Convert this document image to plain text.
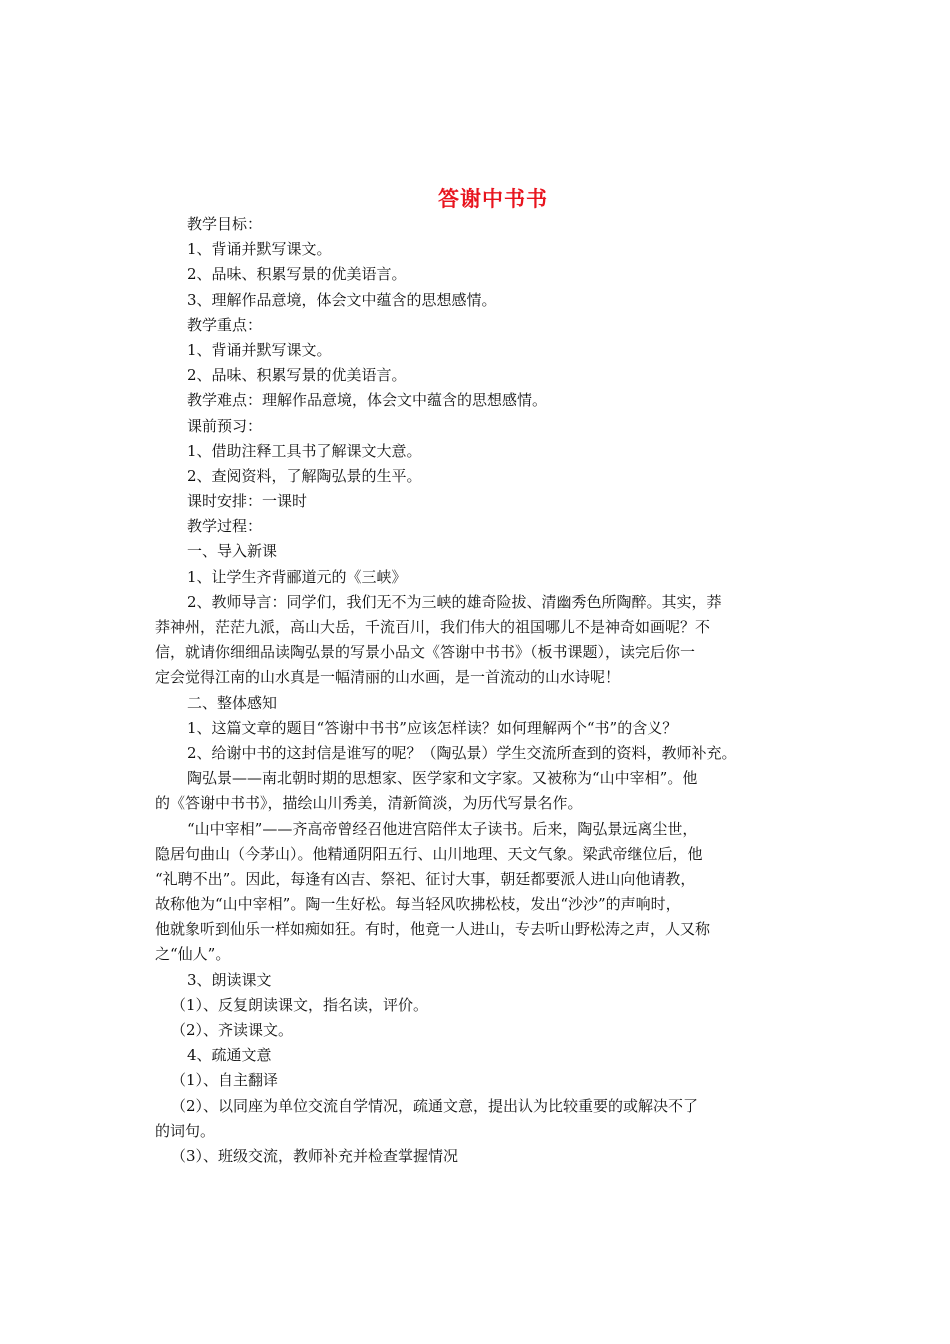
答谢中书书
教学目标：
1、背诵并默写课文。
2、品味、积累写景的优美语言。
3、理解作品意境，体会文中蕴含的思想感情。
教学重点：
1、背诵并默写课文。
2、品味、积累写景的优美语言。
教学难点：理解作品意境，体会文中蕴含的思想感情。
课前预习：
1、借助注释工具书了解课文大意。
2、查阅资料，了解陶弘景的生平。
课时安排：一课时
教学过程：
一、导入新课
1、让学生齐背郦道元的《三峡》
2、教师导言：同学们，我们无不为三峡的雄奇险拔、清幽秀色所陶醉。其实，莽
莽神州，茫茫九派，高山大岳，千流百川，我们伟大的祖国哪儿不是神奇如画呢？不
信，就请你细细品读陶弘景的写景小品文《答谢中书书》（板书课题），读完后你一
定会觉得江南的山水真是一幅清丽的山水画，是一首流动的山水诗呢！
二、整体感知
1、这篇文章的题目“答谢中书书”应该怎样读？如何理解两个“书”的含义？
2、给谢中书的这封信是谁写的呢？（陶弘景）学生交流所查到的资料，教师补充。
陶弘景——南北朝时期的思想家、医学家和文字家。又被称为“山中宰相”。他
的《答谢中书书》，描绘山川秀美，清新简淡，为历代写景名作。
“山中宰相”——齐高帝曾经召他进宫陪伴太子读书。后来，陶弘景远离尘世，
隐居句曲山（今茅山）。他精通阴阳五行、山川地理、天文气象。梁武帝继位后，他
“礼聘不出”。因此，每逢有凶吉、祭祀、征讨大事，朝廷都要派人进山向他请教，
故称他为“山中宰相”。陶一生好松。每当轻风吹拂松枝，发出“沙沙”的声响时，
他就象听到仙乐一样如痴如狂。有时，他竟一人进山，专去听山野松涛之声，人又称
之“仙人”。
3、朗读课文
（1）、反复朗读课文，指名读，评价。
（2）、齐读课文。
4、疏通文意
（1）、自主翻译
（2）、以同座为单位交流自学情况，疏通文意，提出认为比较重要的或解决不了
的词句。
（3）、班级交流，教师补充并检查掌握情况
